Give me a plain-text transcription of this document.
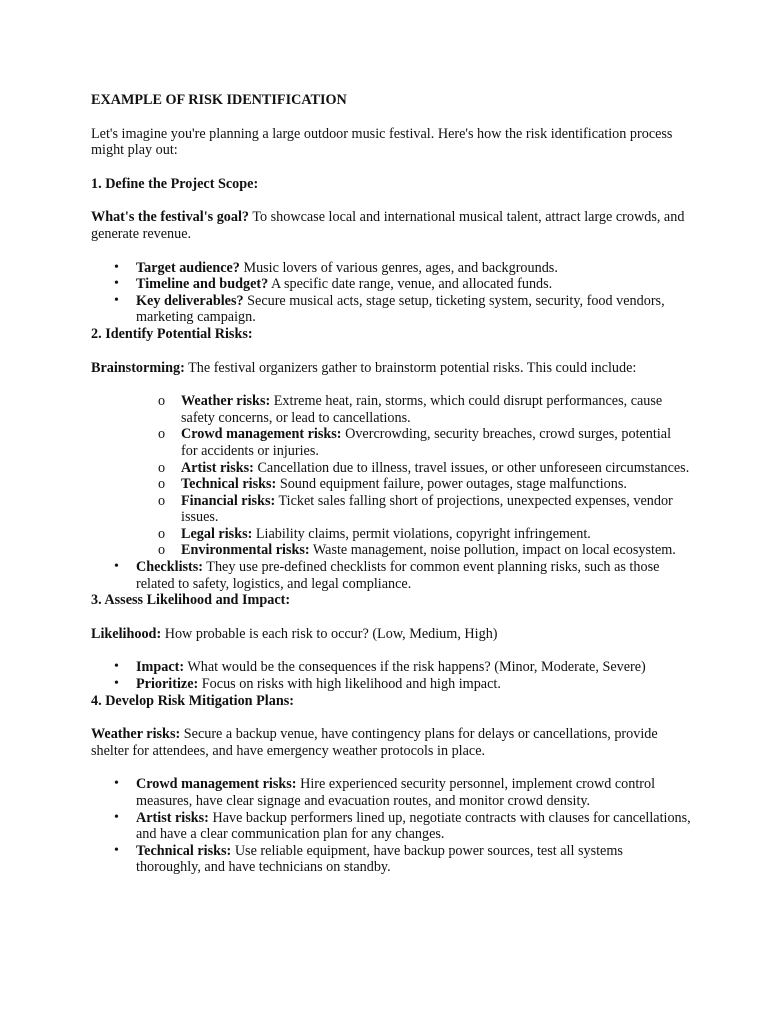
EXAMPLE OF RISK IDENTIFICATION

Let's imagine you're planning a large outdoor music festival. Here's how the risk identification process might play out:

1. Define the Project Scope:

What's the festival's goal? To showcase local and international musical talent, attract large crowds, and generate revenue.

• Target audience? Music lovers of various genres, ages, and backgrounds.
• Timeline and budget? A specific date range, venue, and allocated funds.
• Key deliverables? Secure musical acts, stage setup, ticketing system, security, food vendors, marketing campaign.

2. Identify Potential Risks:

Brainstorming: The festival organizers gather to brainstorm potential risks. This could include:

o Weather risks: Extreme heat, rain, storms, which could disrupt performances, cause safety concerns, or lead to cancellations.
o Crowd management risks: Overcrowding, security breaches, crowd surges, potential for accidents or injuries.
o Artist risks: Cancellation due to illness, travel issues, or other unforeseen circumstances.
o Technical risks: Sound equipment failure, power outages, stage malfunctions.
o Financial risks: Ticket sales falling short of projections, unexpected expenses, vendor issues.
o Legal risks: Liability claims, permit violations, copyright infringement.
o Environmental risks: Waste management, noise pollution, impact on local ecosystem.
• Checklists: They use pre-defined checklists for common event planning risks, such as those related to safety, logistics, and legal compliance.

3. Assess Likelihood and Impact:

Likelihood: How probable is each risk to occur? (Low, Medium, High)

• Impact: What would be the consequences if the risk happens? (Minor, Moderate, Severe)
• Prioritize: Focus on risks with high likelihood and high impact.

4. Develop Risk Mitigation Plans:

Weather risks: Secure a backup venue, have contingency plans for delays or cancellations, provide shelter for attendees, and have emergency weather protocols in place.

• Crowd management risks: Hire experienced security personnel, implement crowd control measures, have clear signage and evacuation routes, and monitor crowd density.
• Artist risks: Have backup performers lined up, negotiate contracts with clauses for cancellations, and have a clear communication plan for any changes.
• Technical risks: Use reliable equipment, have backup power sources, test all systems thoroughly, and have technicians on standby.
